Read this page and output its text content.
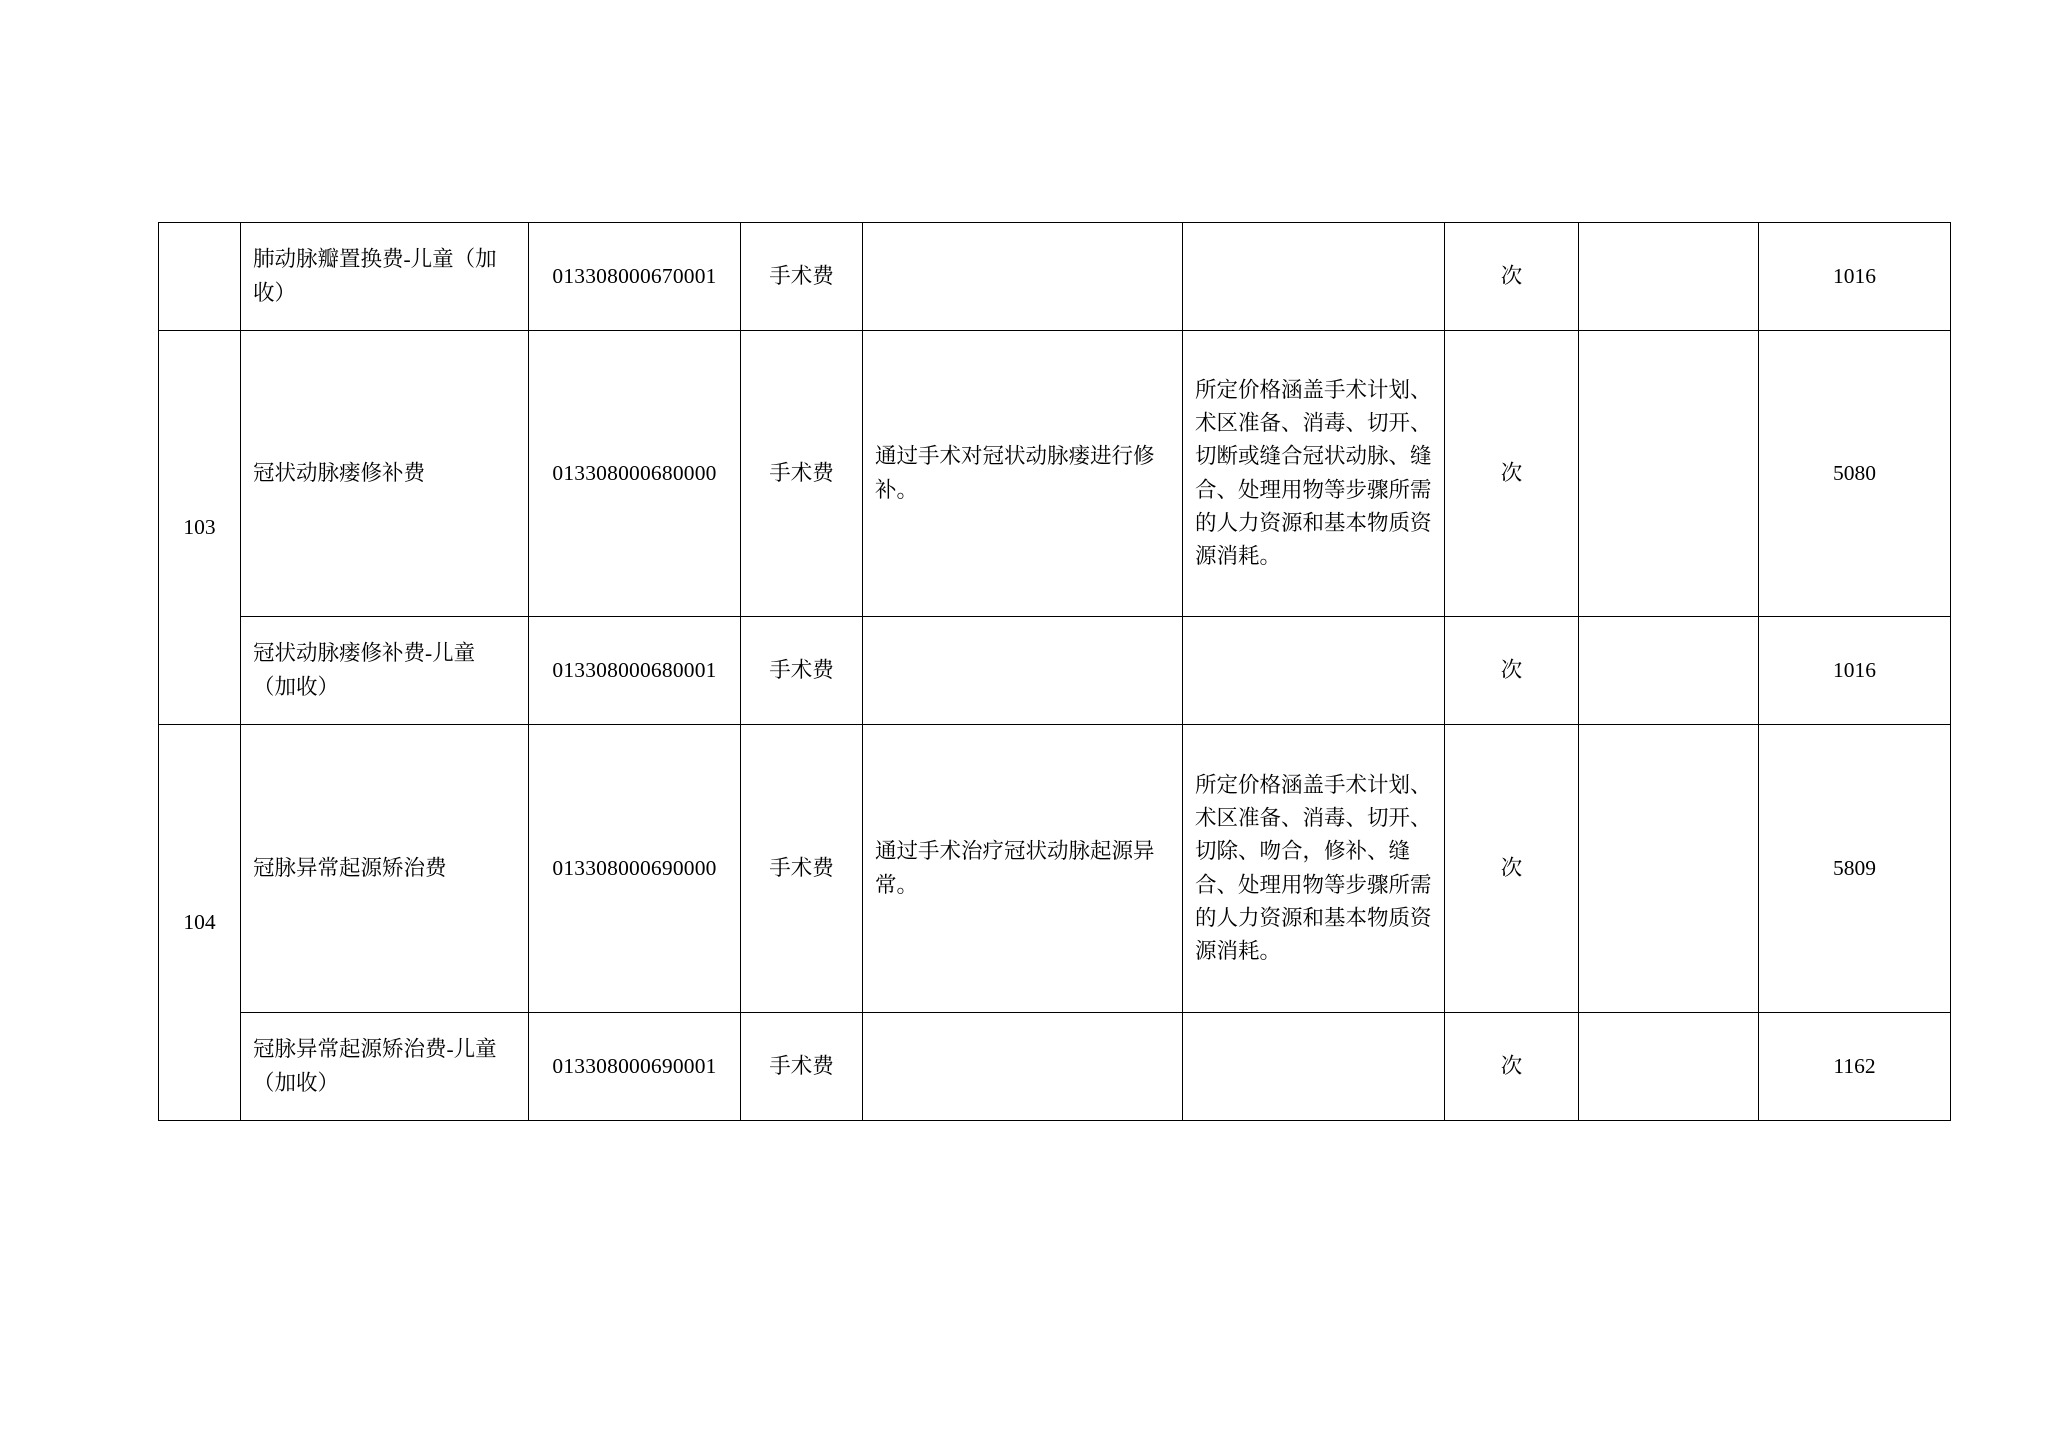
	肺动脉瓣置换费-儿童（加收）	013308000670001	手术费			次		1016
103	冠状动脉瘘修补费	013308000680000	手术费	通过手术对冠状动脉瘘进行修补。	所定价格涵盖手术计划、术区准备、消毒、切开、切断或缝合冠状动脉、缝合、处理用物等步骤所需的人力资源和基本物质资源消耗。	次		5080
	冠状动脉瘘修补费-儿童（加收）	013308000680001	手术费			次		1016
104	冠脉异常起源矫治费	013308000690000	手术费	通过手术治疗冠状动脉起源异常。	所定价格涵盖手术计划、术区准备、消毒、切开、切除、吻合，修补、缝合、处理用物等步骤所需的人力资源和基本物质资源消耗。	次		5809
	冠脉异常起源矫治费-儿童（加收）	013308000690001	手术费			次		1162
